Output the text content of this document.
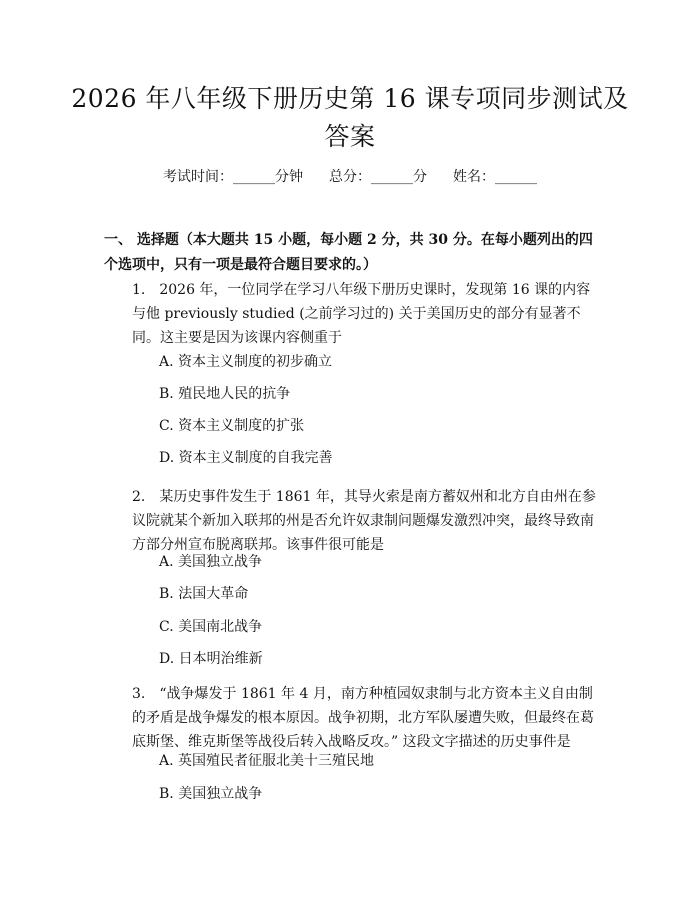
2026 年八年级下册历史第 16 课专项同步测试及答案
考试时间：______分钟 总分：______分 姓名：______
一、 选择题（本大题共 15 小题，每小题 2 分，共 30 分。在每小题列出的四个选项中，只有一项是最符合题目要求的。）
1.　2026 年，一位同学在学习八年级下册历史课时，发现第 16 课的内容与他 previously studied (之前学习过的) 关于美国历史的部分有显著不同。这主要是因为该课内容侧重于
A. 资本主义制度的初步确立
B. 殖民地人民的抗争
C. 资本主义制度的扩张
D. 资本主义制度的自我完善
2.　某历史事件发生于 1861 年，其导火索是南方蓄奴州和北方自由州在参议院就某个新加入联邦的州是否允许奴隶制问题爆发激烈冲突，最终导致南方部分州宣布脱离联邦。该事件很可能是
A. 美国独立战争
B. 法国大革命
C. 美国南北战争
D. 日本明治维新
3.　“战争爆发于 1861 年 4 月，南方种植园奴隶制与北方资本主义自由制的矛盾是战争爆发的根本原因。战争初期，北方军队屡遭失败，但最终在葛底斯堡、维克斯堡等战役后转入战略反攻。” 这段文字描述的历史事件是
A. 英国殖民者征服北美十三殖民地
B. 美国独立战争
